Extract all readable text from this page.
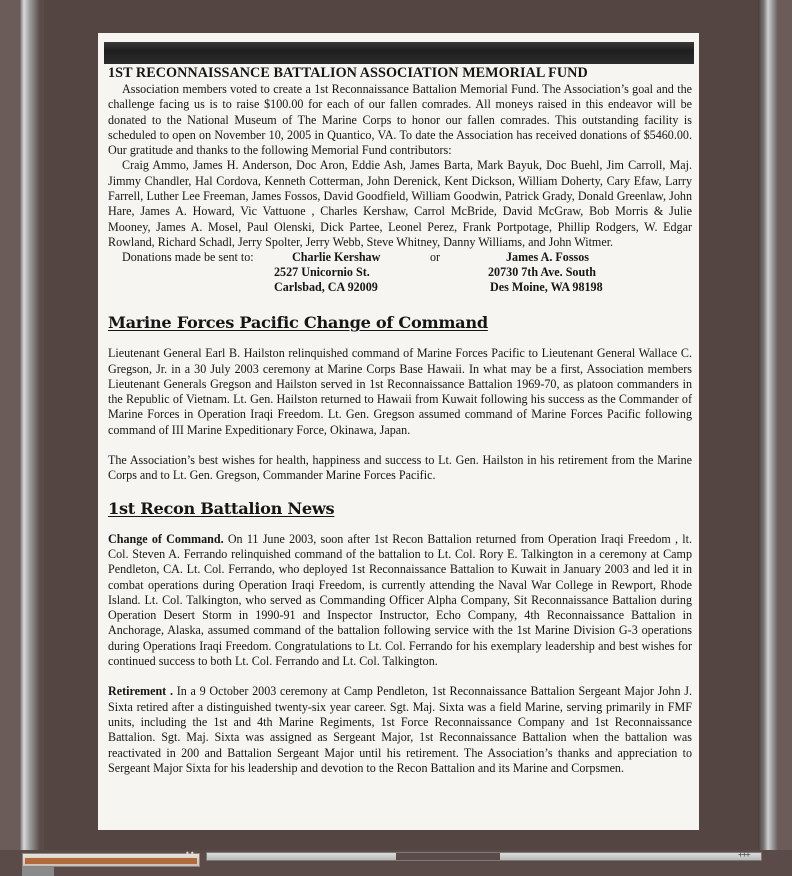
1ST RECONNAISSANCE BATTALION ASSOCIATION MEMORIAL FUND

Association members voted to create a 1st Reconnaissance Battalion Memorial Fund. The Association’s goal and the challenge facing us is to raise $100.00 for each of our fallen comrades. All moneys raised in this endeavor will be donated to the National Museum of The Marine Corps to honor our fallen comrades. This outstanding facility is scheduled to open on November 10, 2005 in Quantico, VA. To date the Association has received donations of $5460.00. Our gratitude and thanks to the following Memorial Fund contributors:

Craig Ammo, James H. Anderson, Doc Aron, Eddie Ash, James Barta, Mark Bayuk, Doc Buehl, Jim Carroll, Maj. Jimmy Chandler, Hal Cordova, Kenneth Cotterman, John Derenick, Kent Dickson, William Doherty, Cary Efaw, Larry Farrell, Luther Lee Freeman, James Fossos, David Goodfield, William Goodwin, Patrick Grady, Donald Greenlaw, John Hare, James A. Howard, Vic Vattuone , Charles Kershaw, Carrol McBride, David McGraw, Bob Morris & Julie Mooney, James A. Mosel, Paul Olenski, Dick Partee, Leonel Perez, Frank Portpotage, Phillip Rodgers, W. Edgar Rowland, Richard Schadl, Jerry Spolter, Jerry Webb, Steve Whitney, Danny Williams, and John Witmer.

Donations made be sent to:	Charlie Kershaw	or	James A. Fossos
2527 Unicornio St.	20730 7th Ave. South
Carlsbad, CA 92009	Des Moine, WA 98198
Marine Forces Pacific Change of Command

Lieutenant General Earl B. Hailston relinquished command of Marine Forces Pacific to Lieutenant General Wallace C. Gregson, Jr. in a 30 July 2003 ceremony at Marine Corps Base Hawaii. In what may be a first, Association members Lieutenant Generals Gregson and Hailston served in 1st Reconnaissance Battalion 1969-70, as platoon commanders in the Republic of Vietnam. Lt. Gen. Hailston returned to Hawaii from Kuwait following his success as the Commander of Marine Forces in Operation Iraqi Freedom. Lt. Gen. Gregson assumed command of Marine Forces Pacific following command of III Marine Expeditionary Force, Okinawa, Japan.

The Association’s best wishes for health, happiness and success to Lt. Gen. Hailston in his retirement from the Marine Corps and to Lt. Gen. Gregson, Commander Marine Forces Pacific.

1st Recon Battalion News

Change of Command. On 11 June 2003, soon after 1st Recon Battalion returned from Operation Iraqi Freedom , lt. Col. Steven A. Ferrando relinquished command of the battalion to Lt. Col. Rory E. Talkington in a ceremony at Camp Pendleton, CA. Lt. Col. Ferrando, who deployed 1st Reconnaissance Battalion to Kuwait in January 2003 and led it in combat operations during Operation Iraqi Freedom, is currently attending the Naval War College in Rewport, Rhode Island. Lt. Col. Talkington, who served as Commanding Officer Alpha Company, Sit Reconnaissance Battalion during Operation Desert Storm in 1990-91 and Inspector Instructor, Echo Company, 4th Reconnaissance Battalion in Anchorage, Alaska, assumed command of the battalion following service with the 1st Marine Division G-3 operations during Operations Iraqi Freedom. Congratulations to Lt. Col. Ferrando for his exemplary leadership and best wishes for continued success to both Lt. Col. Ferrando and Lt. Col. Talkington.

Retirement . In a 9 October 2003 ceremony at Camp Pendleton, 1st Reconnaissance Battalion Sergeant Major John J. Sixta retired after a distinguished twenty-six year career. Sgt. Maj. Sixta was a field Marine, serving primarily in FMF units, including the 1st and 4th Marine Regiments, 1st Force Reconnaissance Company and 1st Reconnaissance Battalion. Sgt. Maj. Sixta was assigned as Sergeant Major, 1st Reconnaissance Battalion when the battalion was reactivated in 200 and Battalion Sergeant Major until his retirement. The Association’s thanks and appreciation to Sergeant Major Sixta for his leadership and devotion to the Recon Battalion and its Marine and Corpsmen.

••	+++
